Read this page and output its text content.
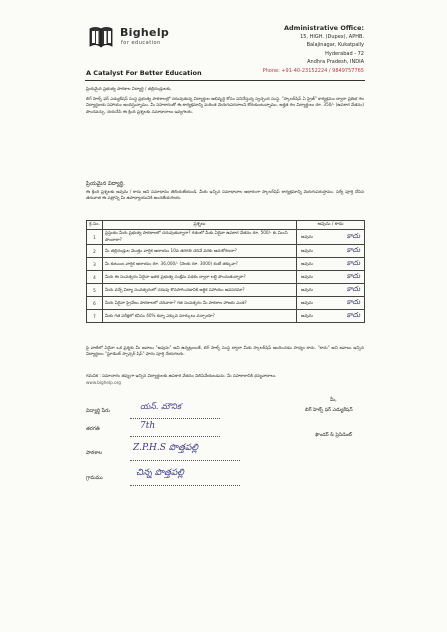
Bighelp
for education
A Catalyst For Better Education
Administrative Office:
15, HIGH. (Dupex), APHB.
Balajinagar, Kukatpally
Hyderabad - 72
Andhra Pradesh, INDIA
Phone: +91-40-23152224 / 9849757765
ప్రియమైన ప్రభుత్వ పాఠశాల విద్యార్థి / తల్లిదండ్రులకు,

బిగ్ హెల్ప్ ఫర్ ఎడ్యుకేషన్ సంస్థ ప్రభుత్వ పాఠశాలల్లో చదువుతున్న విద్యార్థుల అభివృద్ధి కోసం పనిచేస్తున్న స్వచ్ఛంద సంస్థ. "స్కాలర్‌షిప్ ఏ ప్రైజ్" కార్యక్రమం ద్వారా ప్రతిభ గల విద్యార్థులకు సహాయం అందిస్తున్నాము. మీ సహకారంతో ఈ కార్యక్రమాన్ని మరింత మెరుగుపరచాలని కోరుకుంటున్నాము. అర్హత గల విద్యార్థులు రూ. 350/- (ఉపకార వేతనం) పొందవచ్చు. దయచేసి ఈ క్రింది ప్రశ్నలకు సమాధానాలు ఇవ్వగలరు.

ప్రియమైన విద్యార్థి,

ఈ క్రింది ప్రశ్నలకు అవును / కాదు అని సమాధానం తెలియజేయండి. మీరు ఇచ్చిన సమాధానాల ఆధారంగా స్కాలర్‌షిప్ కార్యక్రమాన్ని మెరుగుపరుస్తాము. సర్వే పూర్తి చేసిన తరువాత ఈ పత్రాన్ని మీ ఉపాధ్యాయునికి అందజేయగలరు.

క్ర.సం.	ప్రశ్నలు	అవును / కాదు
1	ప్రస్తుతం మీరు ప్రభుత్వ పాఠశాలలో చదువుతున్నారా? గతంలో మీకు ఏదైనా ఉపకార వేతనం రూ. 500/- కు మించి పొందారా?	అవును కాదు

2	మీ తల్లిదండ్రుల మొత్తం వార్షిక ఆదాయం 10వ తరగతి చదివే వరకు ఆదుకోగలదా?	అవును కాదు

3	మీ కుటుంబ వార్షిక ఆదాయం రూ. 36,000/- (నెలకు రూ. 3000) కంటే తక్కువా?	అవును కాదు

4	మీరు ఈ సంవత్సరం ఏదైనా ఇతర ప్రభుత్వ సంక్షేమ పథకం ద్వారా లబ్ధి పొందుతున్నారా?	అవును కాదు

5	మీరు వచ్చే విద్యా సంవత్సరంలో చదువు కొనసాగించడానికి ఆర్థిక సహాయం అవసరమా?	అవును కాదు

6	మీరు ఏదైనా ప్రైవేటు పాఠశాలలో చదివారా? గత సంవత్సరం మీ పాఠశాల హాజరు ఎంత?	అవును కాదు

7	మీకు గత పరీక్షలో కనీసం 40% కన్నా ఎక్కువ మార్కులు వచ్చాయా?	అవును కాదు

పై వాటిలో ఏదైనా ఒక ప్రశ్నకు మీ జవాబు "అవును" అని ఉన్నట్లయితే, బిగ్ హెల్ప్ సంస్థ ద్వారా మీకు స్కాలర్‌షిప్ అందించడం సాధ్యం కాదు. "కాదు" అని జవాబు ఇచ్చిన విద్యార్థులు "స్టూడెంట్ స్పాన్సర్ షిప్" ఫారం పూర్తి చేయగలరు.

గమనిక : సమాచారం తప్పుగా ఇచ్చిన విద్యార్థులకు ఉపకార వేతనం నిలిపివేయబడును. మీ సహకారానికి ధన్యవాదాలు.
www.bighelp.org
విద్యార్థి పేరు	యస్. మౌనిక
తరగతి	7th
పాఠశాల	Z.P.H.S పొత్తపల్లి
గ్రామము	చిన్న పొత్తపల్లి
మీ,
బిగ్ హెల్ప్ ఫర్ ఎడ్యుకేషన్
ఫౌండర్ & ప్రెసిడెంట్
